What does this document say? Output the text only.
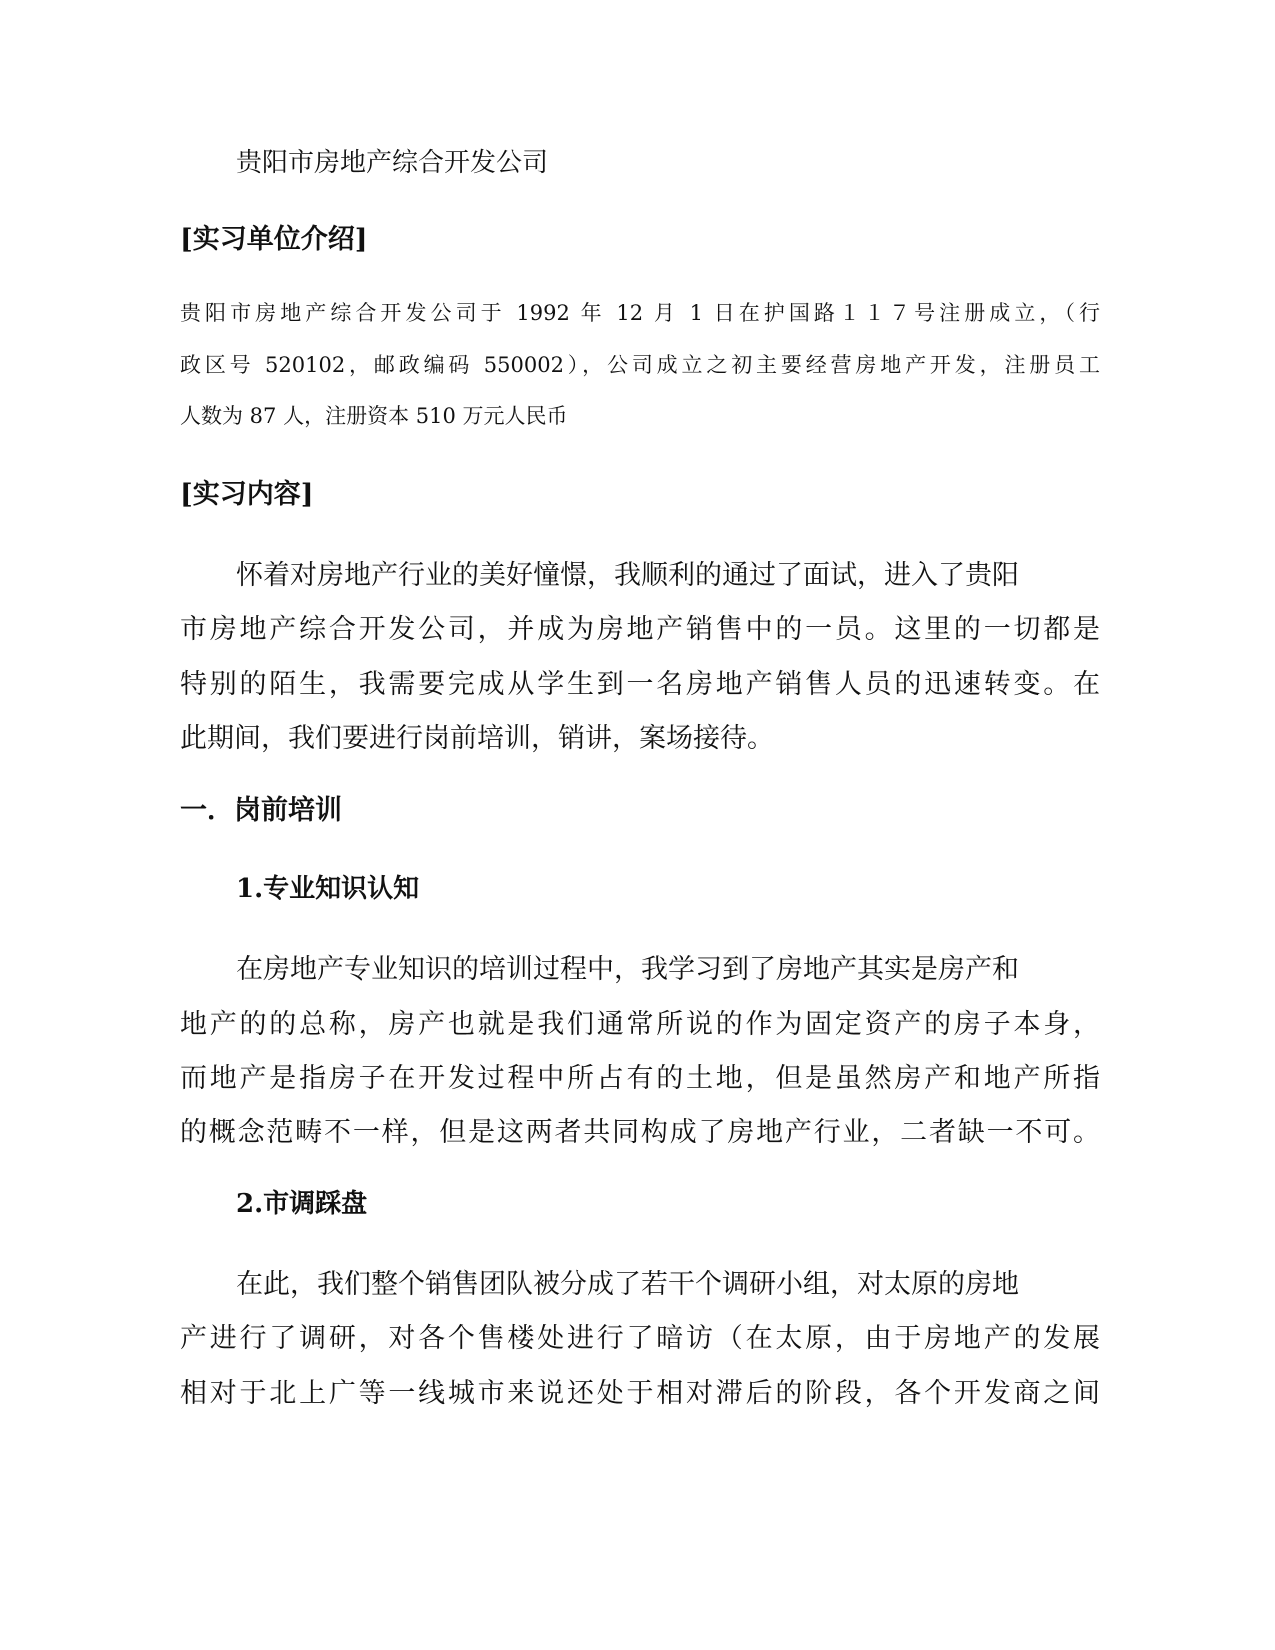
贵阳市房地产综合开发公司
[实习单位介绍]
贵阳市房地产综合开发公司于 1992 年 12 月 1 日在护国路１１７号注册成立，（行
政区号 520102，邮政编码 550002），公司成立之初主要经营房地产开发，注册员工
人数为 87 人，注册资本 510 万元人民币
[实习内容]
怀着对房地产行业的美好憧憬，我顺利的通过了面试，进入了贵阳
市房地产综合开发公司，并成为房地产销售中的一员。这里的一切都是
特别的陌生，我需要完成从学生到一名房地产销售人员的迅速转变。在
此期间，我们要进行岗前培训，销讲，案场接待。
一．岗前培训
1.专业知识认知
在房地产专业知识的培训过程中，我学习到了房地产其实是房产和
地产的的总称，房产也就是我们通常所说的作为固定资产的房子本身，
而地产是指房子在开发过程中所占有的土地，但是虽然房产和地产所指
的概念范畴不一样，但是这两者共同构成了房地产行业，二者缺一不可。
2.市调踩盘
在此，我们整个销售团队被分成了若干个调研小组，对太原的房地
产进行了调研，对各个售楼处进行了暗访（在太原，由于房地产的发展
相对于北上广等一线城市来说还处于相对滞后的阶段，各个开发商之间
